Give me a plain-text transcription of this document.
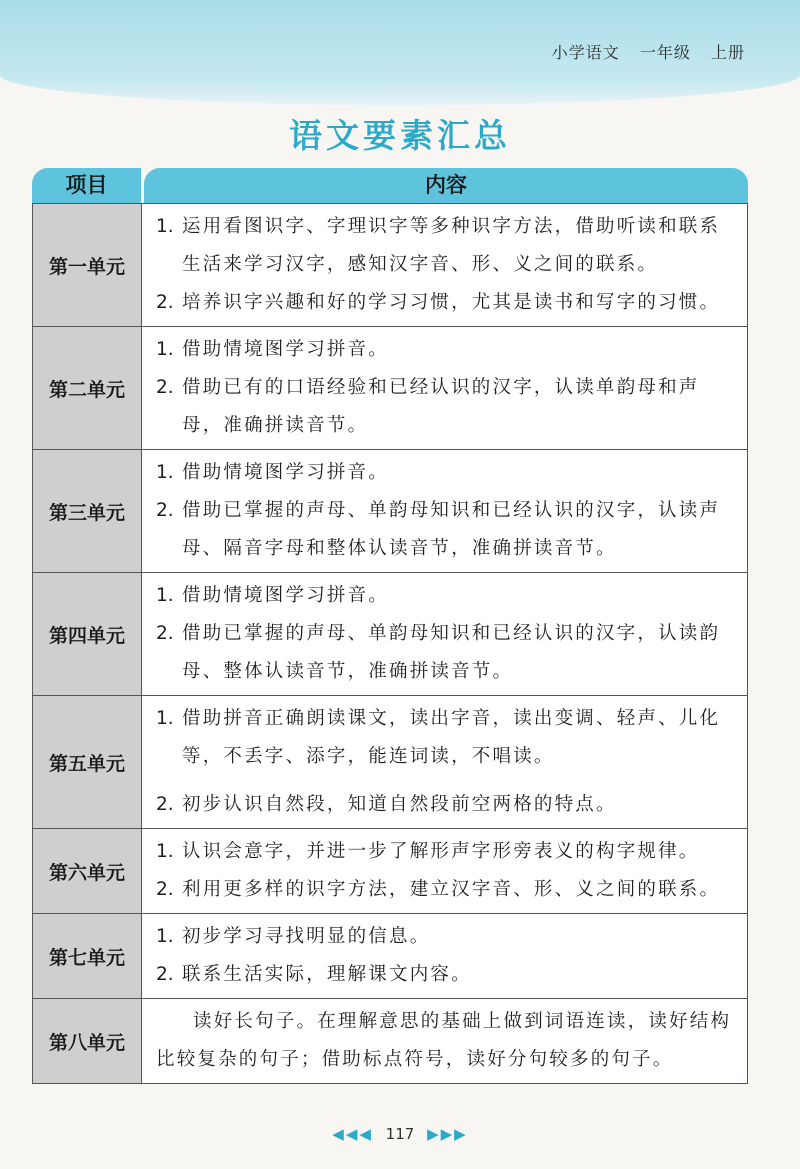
小学语文 一年级 上册
语文要素汇总
项目	内容
第一单元
1. 运用看图识字、字理识字等多种识字方法，借助听读和联系生活来学习汉字，感知汉字音、形、义之间的联系。
2. 培养识字兴趣和好的学习习惯，尤其是读书和写字的习惯。
第二单元
1. 借助情境图学习拼音。
2. 借助已有的口语经验和已经认识的汉字，认读单韵母和声母，准确拼读音节。
第三单元
1. 借助情境图学习拼音。
2. 借助已掌握的声母、单韵母知识和已经认识的汉字，认读声母、隔音字母和整体认读音节，准确拼读音节。
第四单元
1. 借助情境图学习拼音。
2. 借助已掌握的声母、单韵母知识和已经认识的汉字，认读韵母、整体认读音节，准确拼读音节。
第五单元
1. 借助拼音正确朗读课文，读出字音，读出变调、轻声、儿化等，不丢字、添字，能连词读，不唱读。
2. 初步认识自然段，知道自然段前空两格的特点。
第六单元
1. 认识会意字，并进一步了解形声字形旁表义的构字规律。
2. 利用更多样的识字方法，建立汉字音、形、义之间的联系。
第七单元
1. 初步学习寻找明显的信息。
2. 联系生活实际，理解课文内容。
第八单元
读好长句子。在理解意思的基础上做到词语连读，读好结构比较复杂的句子；借助标点符号，读好分句较多的句子。
◀◀◀ 117 ▶▶▶
